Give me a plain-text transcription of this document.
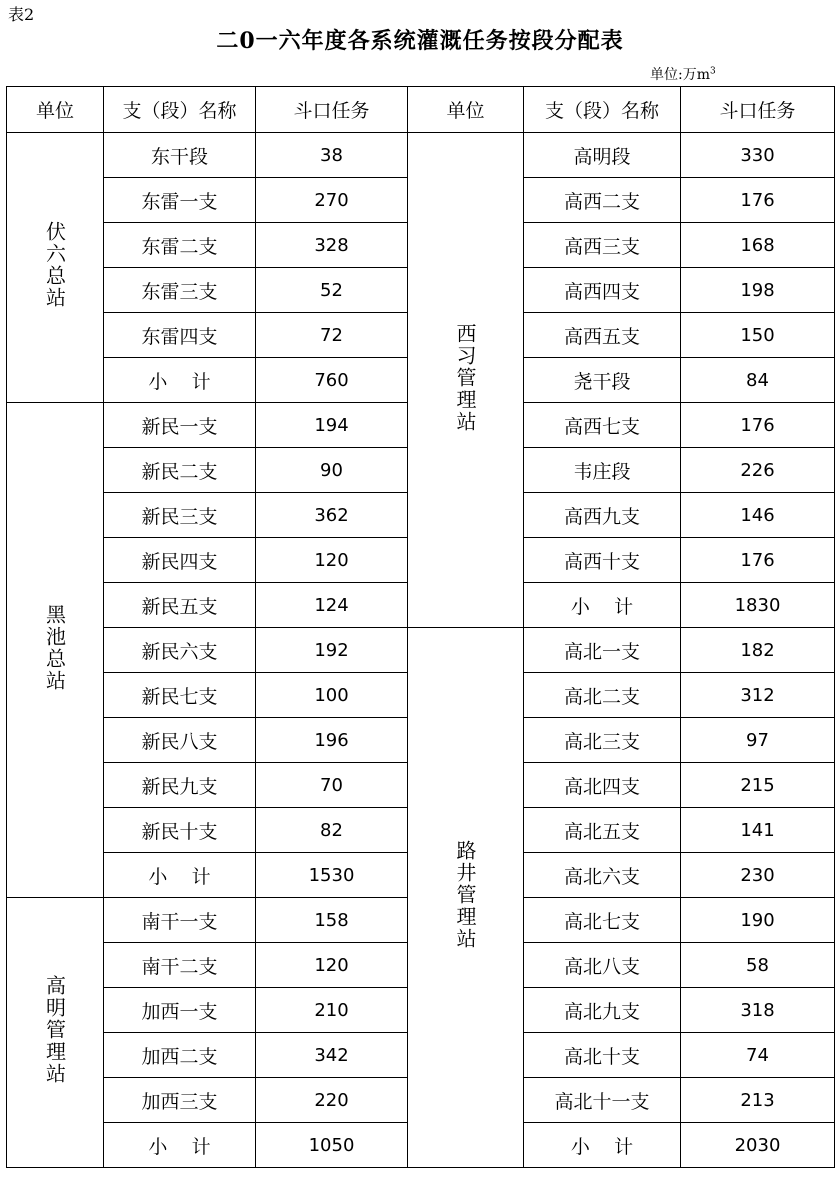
表2
二0一六年度各系统灌溉任务按段分配表
单位:万$m^3$
单位	支（段）名称	斗口任务	单位	支（段）名称	斗口任务
伏六总站	东干段	38	西习管理站	高明段	330
	东雷一支	270		高西二支	176
	东雷二支	328		高西三支	168
	东雷三支	52		高西四支	198
	东雷四支	72		高西五支	150
	小    计	760		尧干段	84
黑池总站	新民一支	194		高西七支	176
	新民二支	90		韦庄段	226
	新民三支	362		高西九支	146
	新民四支	120		高西十支	176
	新民五支	124		小    计	1830
	新民六支	192	路井管理站	高北一支	182
	新民七支	100		高北二支	312
	新民八支	196		高北三支	97
	新民九支	70		高北四支	215
	新民十支	82		高北五支	141
	小    计	1530		高北六支	230
高明管理站	南干一支	158		高北七支	190
	南干二支	120		高北八支	58
	加西一支	210		高北九支	318
	加西二支	342		高北十支	74
	加西三支	220		高北十一支	213
	小    计	1050		小    计	2030
